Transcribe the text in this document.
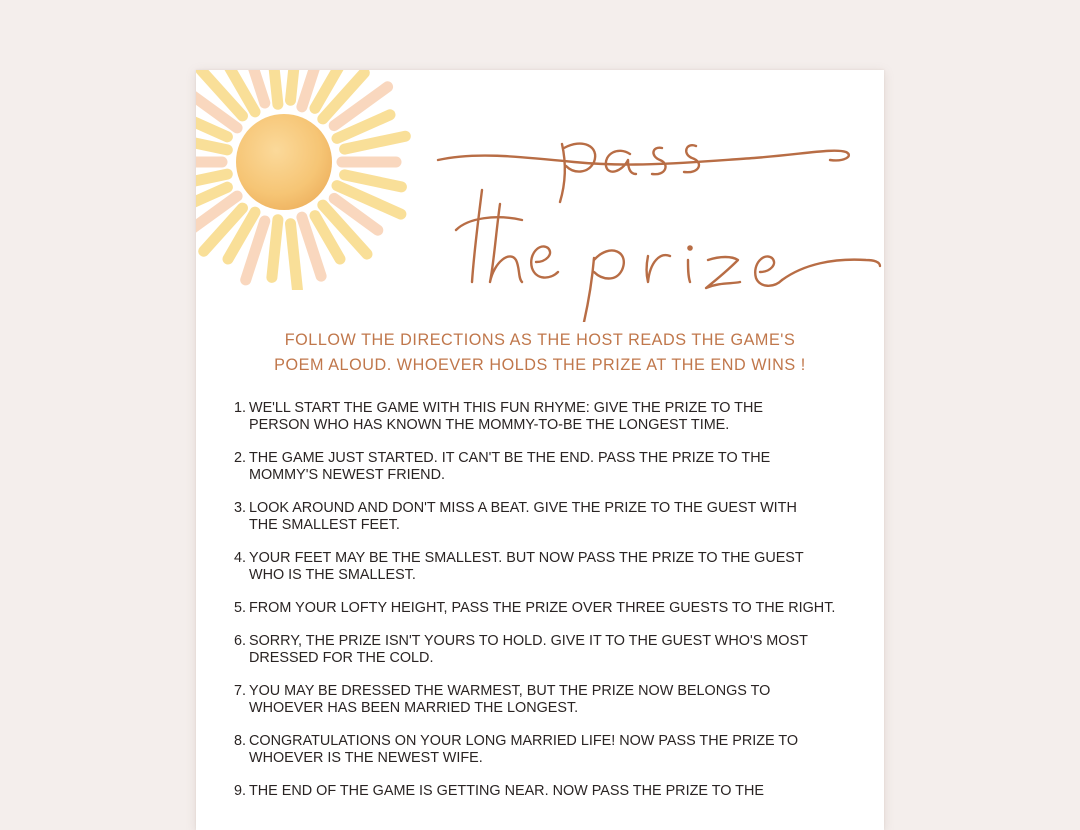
FOLLOW THE DIRECTIONS AS THE HOST READS THE GAME'S
POEM ALOUD. WHOEVER HOLDS THE PRIZE AT THE END WINS !
1. WE'LL START THE GAME WITH THIS FUN RHYME: GIVE THE PRIZE TO THE
PERSON WHO HAS KNOWN THE MOMMY-TO-BE THE LONGEST TIME.
2. THE GAME JUST STARTED. IT CAN'T BE THE END. PASS THE PRIZE TO THE
MOMMY'S NEWEST FRIEND.
3. LOOK AROUND AND DON'T MISS A BEAT. GIVE THE PRIZE TO THE GUEST WITH
THE SMALLEST FEET.
4. YOUR FEET MAY BE THE SMALLEST. BUT NOW PASS THE PRIZE TO THE GUEST
WHO IS THE SMALLEST.
5. FROM YOUR LOFTY HEIGHT, PASS THE PRIZE OVER THREE GUESTS TO THE RIGHT.
6. SORRY, THE PRIZE ISN'T YOURS TO HOLD. GIVE IT TO THE GUEST WHO'S MOST
DRESSED FOR THE COLD.
7. YOU MAY BE DRESSED THE WARMEST, BUT THE PRIZE NOW BELONGS TO
WHOEVER HAS BEEN MARRIED THE LONGEST.
8. CONGRATULATIONS ON YOUR LONG MARRIED LIFE! NOW PASS THE PRIZE TO
WHOEVER IS THE NEWEST WIFE.
9. THE END OF THE GAME IS GETTING NEAR. NOW PASS THE PRIZE TO THE
